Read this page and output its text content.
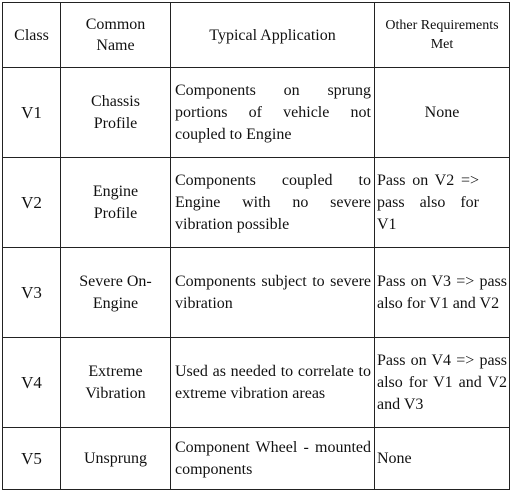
Class	Common Name	Typical Application	Other Requirements Met
V1	Chassis Profile	Components on sprung portions of vehicle not coupled to Engine	None
V2	Engine Profile	Components coupled to Engine with no severe vibration possible	Pass on V2 => pass also for V1
V3	Severe On-Engine	Components subject to severe vibration	Pass on V3 => pass also for V1 and V2
V4	Extreme Vibration	Used as needed to correlate to extreme vibration areas	Pass on V4 => pass also for V1 and V2 and V3
V5	Unsprung	Component Wheel - mounted components	None
